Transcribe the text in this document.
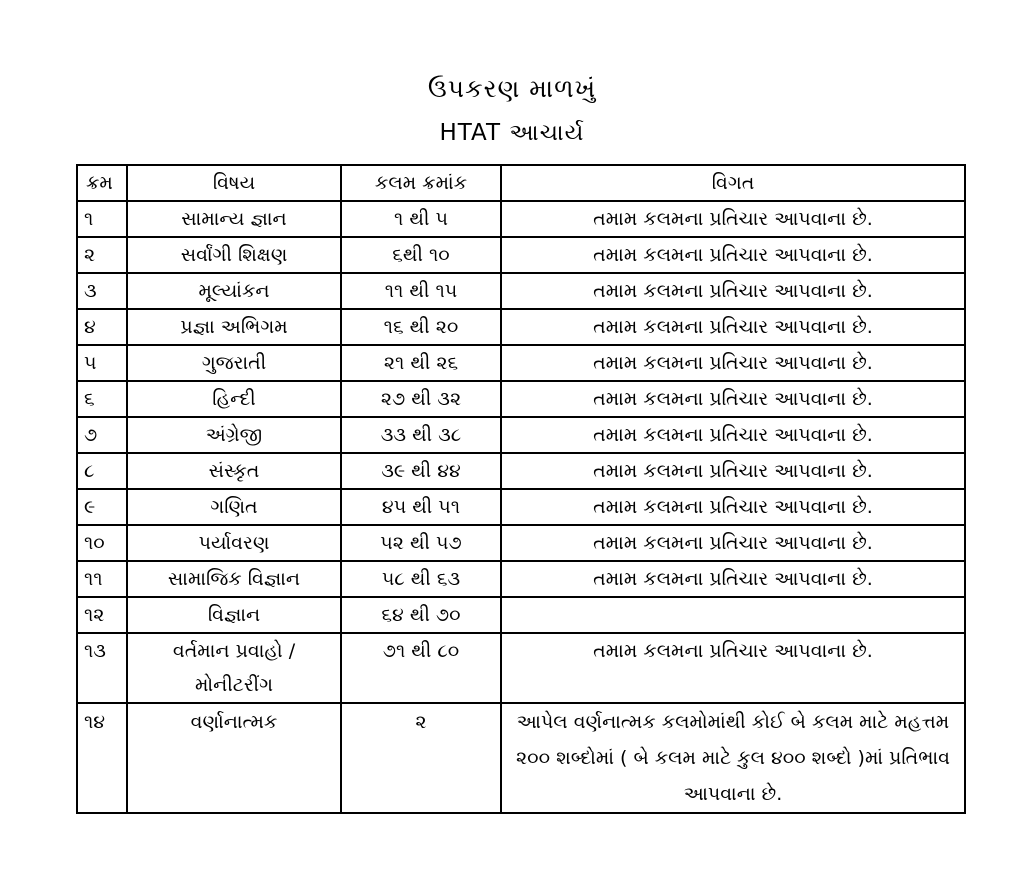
ઉપકરણ માળખું
HTAT આચાર્ય
ક્રમ	વિષય	કલમ ક્રમાંક	વિગત
૧	સામાન્ય જ્ઞાન	૧ થી ૫	તમામ કલમના પ્રતિચાર આપવાના છે.
૨	સર્વાંગી શિક્ષણ	૬થી ૧૦	તમામ કલમના પ્રતિચાર આપવાના છે.
૩	મૂલ્યાંકન	૧૧ થી ૧૫	તમામ કલમના પ્રતિચાર આપવાના છે.
૪	પ્રજ્ઞા અભિગમ	૧૬ થી ૨૦	તમામ કલમના પ્રતિચાર આપવાના છે.
૫	ગુજરાતી	૨૧ થી ૨૬	તમામ કલમના પ્રતિચાર આપવાના છે.
૬	હિન્દી	૨૭ થી ૩૨	તમામ કલમના પ્રતિચાર આપવાના છે.
૭	અંગ્રેજી	૩૩ થી ૩૮	તમામ કલમના પ્રતિચાર આપવાના છે.
૮	સંસ્કૃત	૩૯ થી ૪૪	તમામ કલમના પ્રતિચાર આપવાના છે.
૯	ગણિત	૪૫ થી ૫૧	તમામ કલમના પ્રતિચાર આપવાના છે.
૧૦	પર્યાવરણ	૫૨ થી ૫૭	તમામ કલમના પ્રતિચાર આપવાના છે.
૧૧	સામાજિક વિજ્ઞાન	૫૮ થી ૬૩	તમામ કલમના પ્રતિચાર આપવાના છે.
૧૨	વિજ્ઞાન	૬૪ થી ૭૦	
૧૩	વર્તમાન પ્રવાહો / મોનીટરીંગ	૭૧ થી ૮૦	તમામ કલમના પ્રતિચાર આપવાના છે.
૧૪	વર્ણાનાત્મક	૨	આપેલ વર્ણનાત્મક કલમોમાંથી કોઈ બે કલમ માટે મહત્તમ ૨૦૦ શબ્દોમાં ( બે કલમ માટે કુલ ૪૦૦ શબ્દો )માં પ્રતિભાવ આપવાના છે.
